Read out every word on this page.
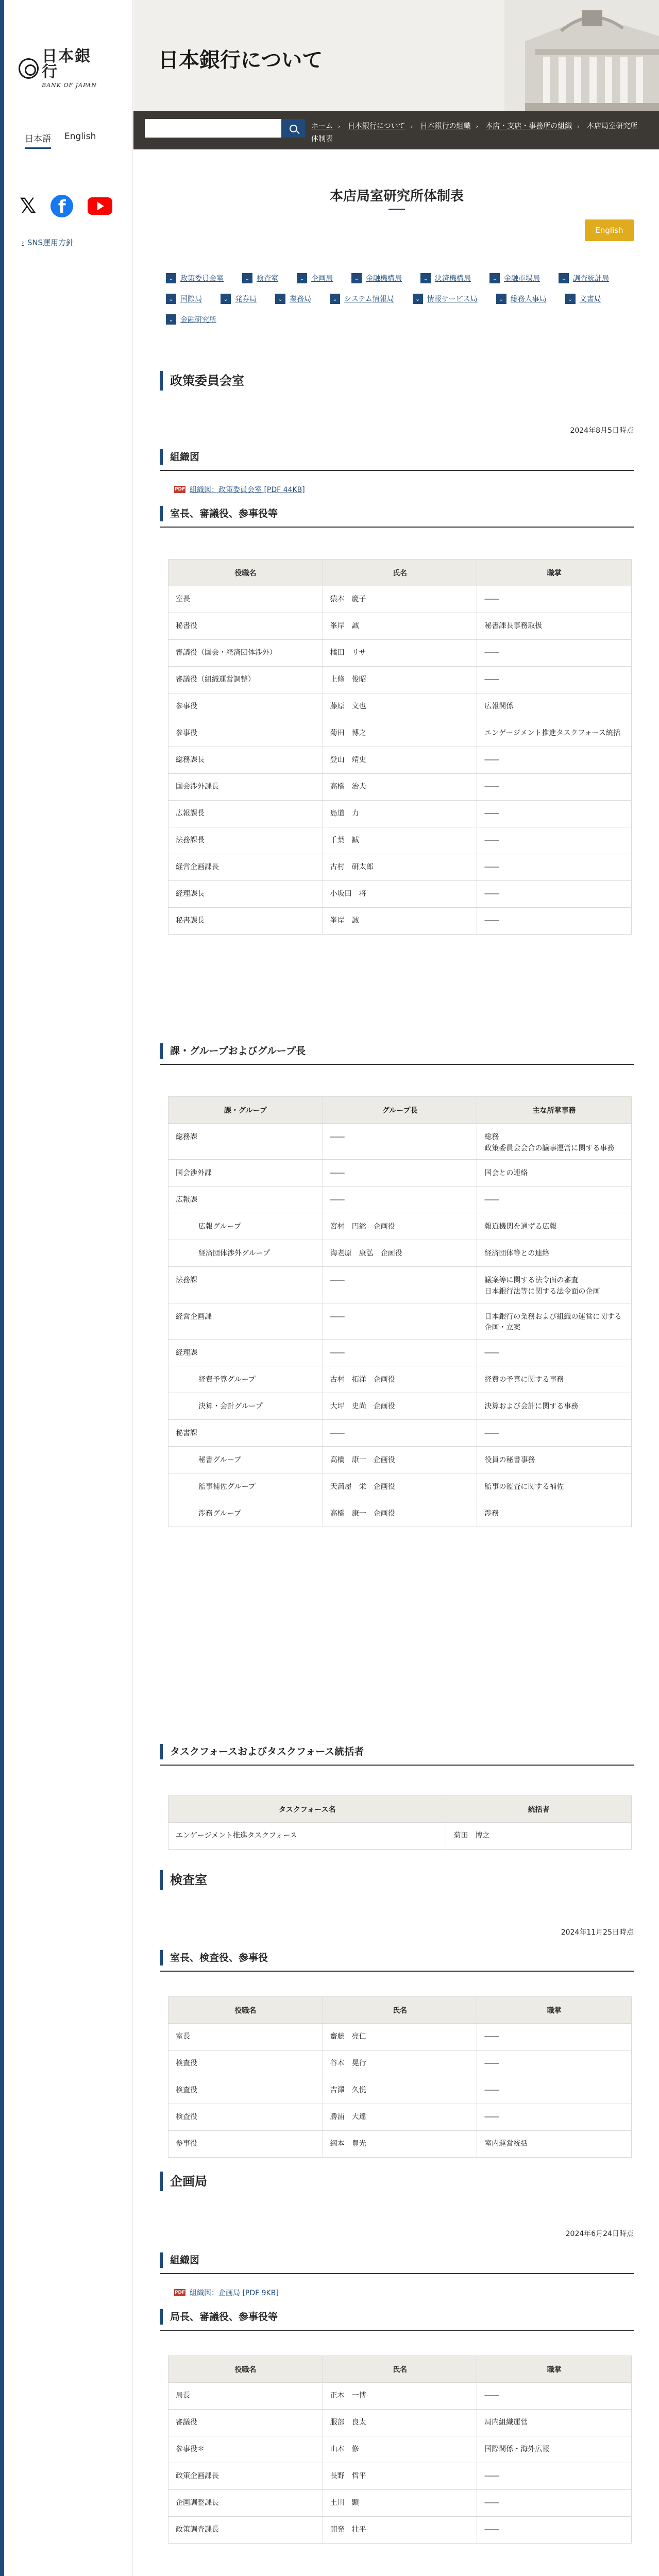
日本銀行
BANK OF JAPAN
日本語 English
𝕏	f
› SNS運用方針
日本銀行について
ホーム › 日本銀行について › 日本銀行の組織 › 本店・支店・事務所の組織 › 本店局室研究所体制表
本店局室研究所体制表
English
⌄ 政策委員会室	⌄ 検査室	⌄ 企画局	⌄ 金融機構局	⌄ 決済機構局	⌄ 金融市場局	⌄ 調査統計局
⌄ 国際局	⌄ 発券局	⌄ 業務局	⌄ システム情報局	⌄ 情報サービス局	⌄ 総務人事局	⌄ 文書局
⌄ 金融研究所
政策委員会室
2024年8月5日時点
組織図
PDF 組織図：政策委員会室 [PDF 44KB]
室長、審議役、参事役等
役職名	氏名	職掌
室長	猿本　慶子	――
秘書役	峯岸　誠	秘書課長事務取扱
審議役（国会・経済団体渉外）	橘田　リサ	――
審議役（組織運営調整）	上條　俊昭	――
参事役	藤原　文也	広報関係
参事役	菊田　博之	エンゲージメント推進タスクフォース統括
総務課長	登山　靖史	――
国会渉外課長	高橋　治夫	――
広報課長	島道　力	――
法務課長	千葉　誠	――
経営企画課長	古村　研太郎	――
経理課長	小坂田　将	――
秘書課長	峯岸　誠	――
課・グループおよびグループ長
課・グループ	グループ長	主な所掌事務
総務課	――	総務
政策委員会会合の議事運営に関する事務
国会渉外課	――	国会との連絡
広報課	――	――
広報グループ	宮村　円総　企画役	報道機関を通ずる広報
経済団体渉外グループ	海老原　康弘　企画役	経済団体等との連絡
法務課	――	議案等に関する法令面の審査
日本銀行法等に関する法令面の企画
経営企画課	――	日本銀行の業務および組織の運営に関する企画・立案
経理課	――	――
経費予算グループ	古村　拓洋　企画役	経費の予算に関する事務
決算・会計グループ	大坪　史尚　企画役	決算および会計に関する事務
秘書課	――	――
秘書グループ	高橋　康一　企画役	役員の秘書事務
監事補佐グループ	天満屋　栄　企画役	監事の監査に関する補佐
渉務グループ	高橋　康一　企画役	渉務
タスクフォースおよびタスクフォース統括者
タスクフォース名	統括者
エンゲージメント推進タスクフォース	菊田　博之
検査室
2024年11月25日時点
室長、検査役、参事役
役職名	氏名	職掌
室長	齋藤　亮仁	――
検査役	谷本　晃行	――
検査役	吉澤　久悦	――
検査役	勝浦　大達	――
参事役	網本　豊光	室内運営統括
企画局
2024年6月24日時点
組織図
PDF 組織図：企画局 [PDF 9KB]
局長、審議役、参事役等
役職名	氏名	職掌
局長	正木　一博	――
審議役	服部　良太	局内組織運営
参事役＊	山本　修	国際関係・海外広報
政策企画課長	長野　哲平	――
企画調整課長	土川　顕	――
政策調査課長	開発　壮平	――
